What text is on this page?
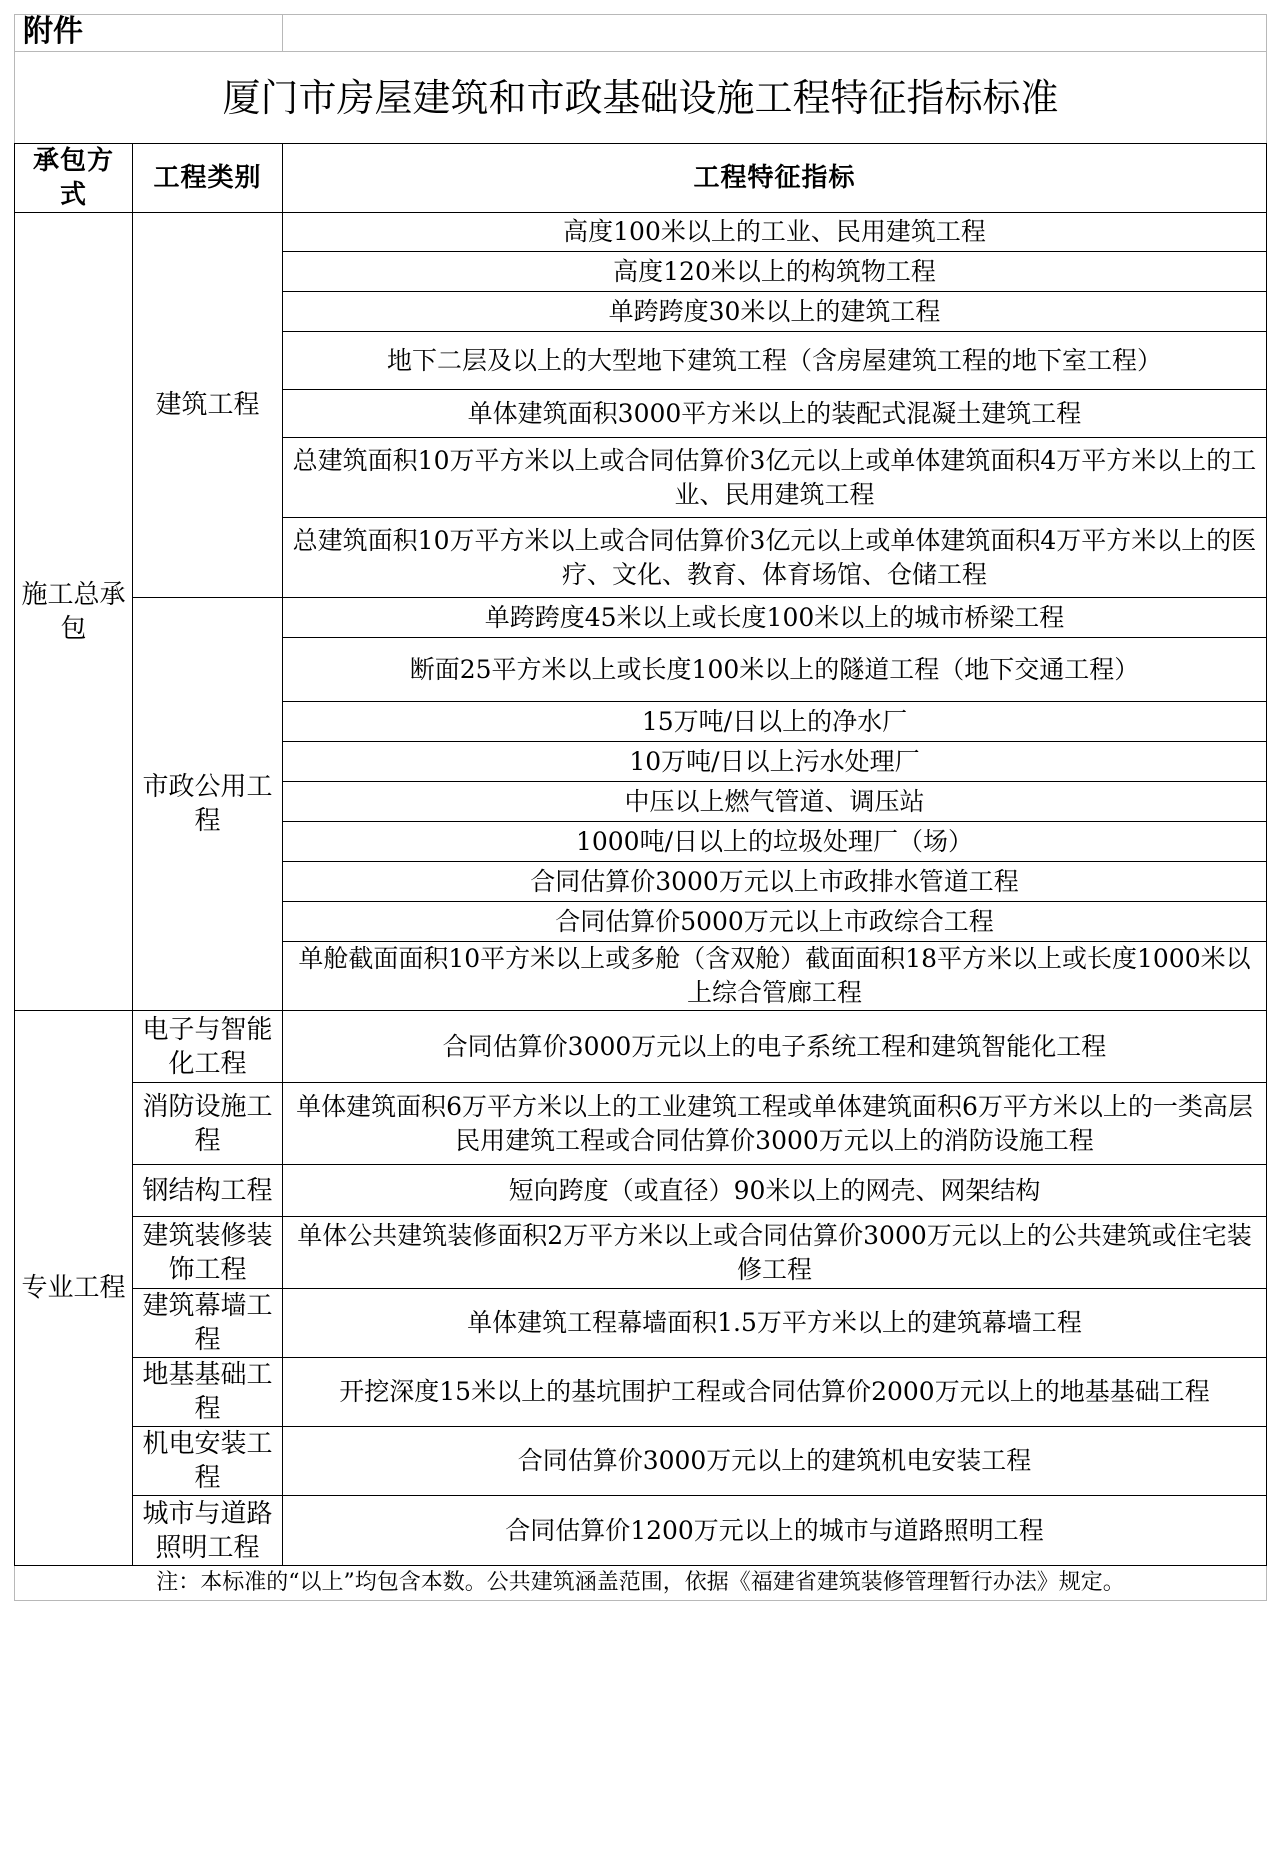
附件		
厦门市房屋建筑和市政基础设施工程特征指标标准		
承包方式	工程类别	工程特征指标
施工总承包	建筑工程	高度100米以上的工业、民用建筑工程
		高度120米以上的构筑物工程
		单跨跨度30米以上的建筑工程
		地下二层及以上的大型地下建筑工程（含房屋建筑工程的地下室工程）
		单体建筑面积3000平方米以上的装配式混凝土建筑工程
		总建筑面积10万平方米以上或合同估算价3亿元以上或单体建筑面积4万平方米以上的工业、民用建筑工程
		总建筑面积10万平方米以上或合同估算价3亿元以上或单体建筑面积4万平方米以上的医疗、文化、教育、体育场馆、仓储工程
	市政公用工程	单跨跨度45米以上或长度100米以上的城市桥梁工程
		断面25平方米以上或长度100米以上的隧道工程（地下交通工程）
		15万吨/日以上的净水厂
		10万吨/日以上污水处理厂
		中压以上燃气管道、调压站
		1000吨/日以上的垃圾处理厂（场）
		合同估算价3000万元以上市政排水管道工程
		合同估算价5000万元以上市政综合工程
		单舱截面面积10平方米以上或多舱（含双舱）截面面积18平方米以上或长度1000米以上综合管廊工程
专业工程	电子与智能化工程	合同估算价3000万元以上的电子系统工程和建筑智能化工程
	消防设施工程	单体建筑面积6万平方米以上的工业建筑工程或单体建筑面积6万平方米以上的一类高层民用建筑工程或合同估算价3000万元以上的消防设施工程
	钢结构工程	短向跨度（或直径）90米以上的网壳、网架结构
	建筑装修装饰工程	单体公共建筑装修面积2万平方米以上或合同估算价3000万元以上的公共建筑或住宅装修工程
	建筑幕墙工程	单体建筑工程幕墙面积1.5万平方米以上的建筑幕墙工程
	地基基础工程	开挖深度15米以上的基坑围护工程或合同估算价2000万元以上的地基基础工程
	机电安装工程	合同估算价3000万元以上的建筑机电安装工程
	城市与道路照明工程	合同估算价1200万元以上的城市与道路照明工程
注：本标准的“以上”均包含本数。公共建筑涵盖范围，依据《福建省建筑装修管理暂行办法》规定。		
